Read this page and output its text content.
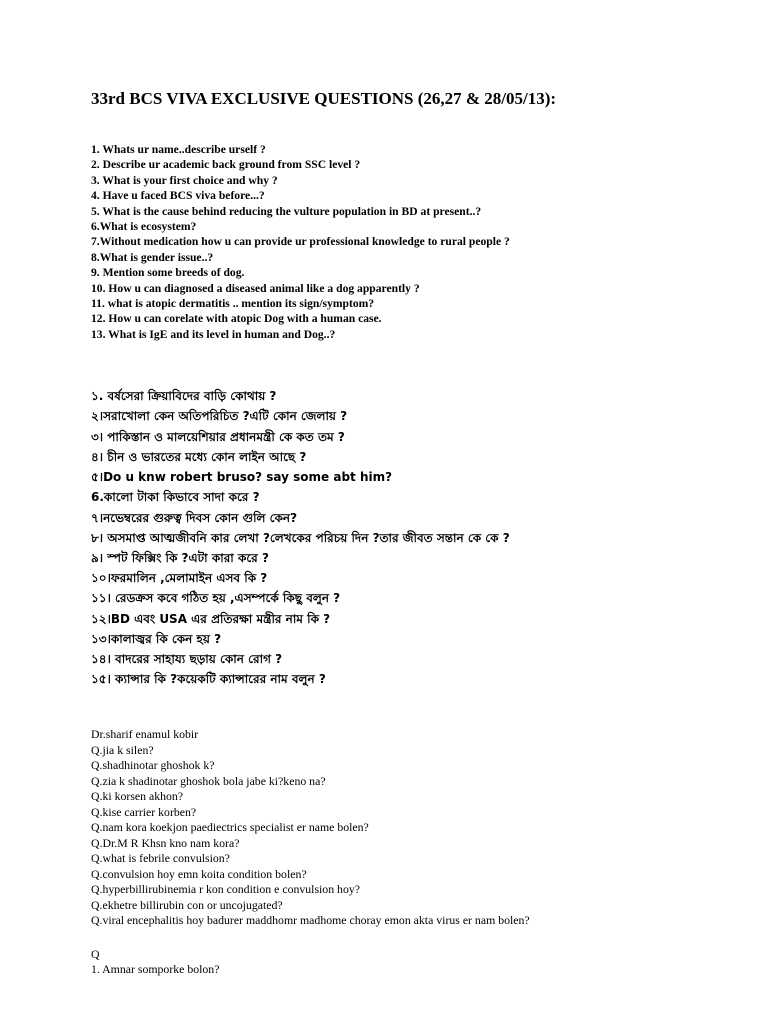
33rd BCS VIVA EXCLUSIVE QUESTIONS (26,27 & 28/05/13):
1. Whats ur name..describe urself ?
2. Describe ur academic back ground from SSC level ?
3. What is your first choice and why ?
4. Have u faced BCS viva before...?
5. What is the cause behind reducing the vulture population in BD at present..?
6.What is ecosystem?
7.Without medication how u can provide ur professional knowledge to rural people ?
8.What is gender issue..?
9. Mention some breeds of dog.
10. How u can diagnosed a diseased animal like a dog apparently ?
11. what is atopic dermatitis .. mention its sign/symptom?
12. How u can corelate with atopic Dog with a human case.
13. What is IgE and its level in human and Dog..?
১. বর্ষসেরা ক্রিয়াবিদের বাড়ি কোথায় ?
২।সরাখোলা কেন অতিপরিচিত ?এটি কোন জেলায় ?
৩। পাকিস্তান ও মালয়েশিয়ার প্রধানমন্ত্রী কে কত তম ?
৪। চীন ও ভারতের মধ্যে কোন লাইন আছে ?
৫।Do u knw robert bruso? say some abt him?
6.কালো টাকা কিভাবে সাদা করে ?
৭।নভেম্বরের গুরুত্ব দিবস কোন গুলি কেন?
৮। অসমাপ্ত আত্মজীবনি কার লেখা ?লেখকের পরিচয় দিন ?তার জীবত সন্তান কে কে ?
৯। স্পট ফিক্সিং কি ?এটা কারা করে ?
১০।ফরমালিন ,মেলামাইন এসব কি ?
১১। রেডক্রস কবে গঠিত হয় ,এসম্পর্কে কিছু বলুন ?
১২।BD এবং USA এর প্রতিরক্ষা মন্ত্রীর নাম কি ?
১৩।কালাজ্বর কি কেন হয় ?
১৪। বাদরের সাহায্য ছড়ায় কোন রোগ ?
১৫। ক্যান্সার কি ?কয়েকটি ক্যান্সারের নাম বলুন ?
Dr.sharif enamul kobir
Q.jia k silen?
Q.shadhinotar ghoshok k?
Q.zia k shadinotar ghoshok bola jabe ki?keno na?
Q.ki korsen akhon?
Q.kise carrier korben?
Q.nam kora koekjon paediectrics specialist er name bolen?
Q.Dr.M R Khsn kno nam kora?
Q.what is febrile convulsion?
Q.convulsion hoy emn koita condition bolen?
Q.hyperbillirubinemia r kon condition e convulsion hoy?
Q.ekhetre billirubin con or uncojugated?
Q.viral encephalitis hoy badurer maddhomr madhome choray emon akta virus er nam bolen?
Q
1. Amnar somporke bolon?
